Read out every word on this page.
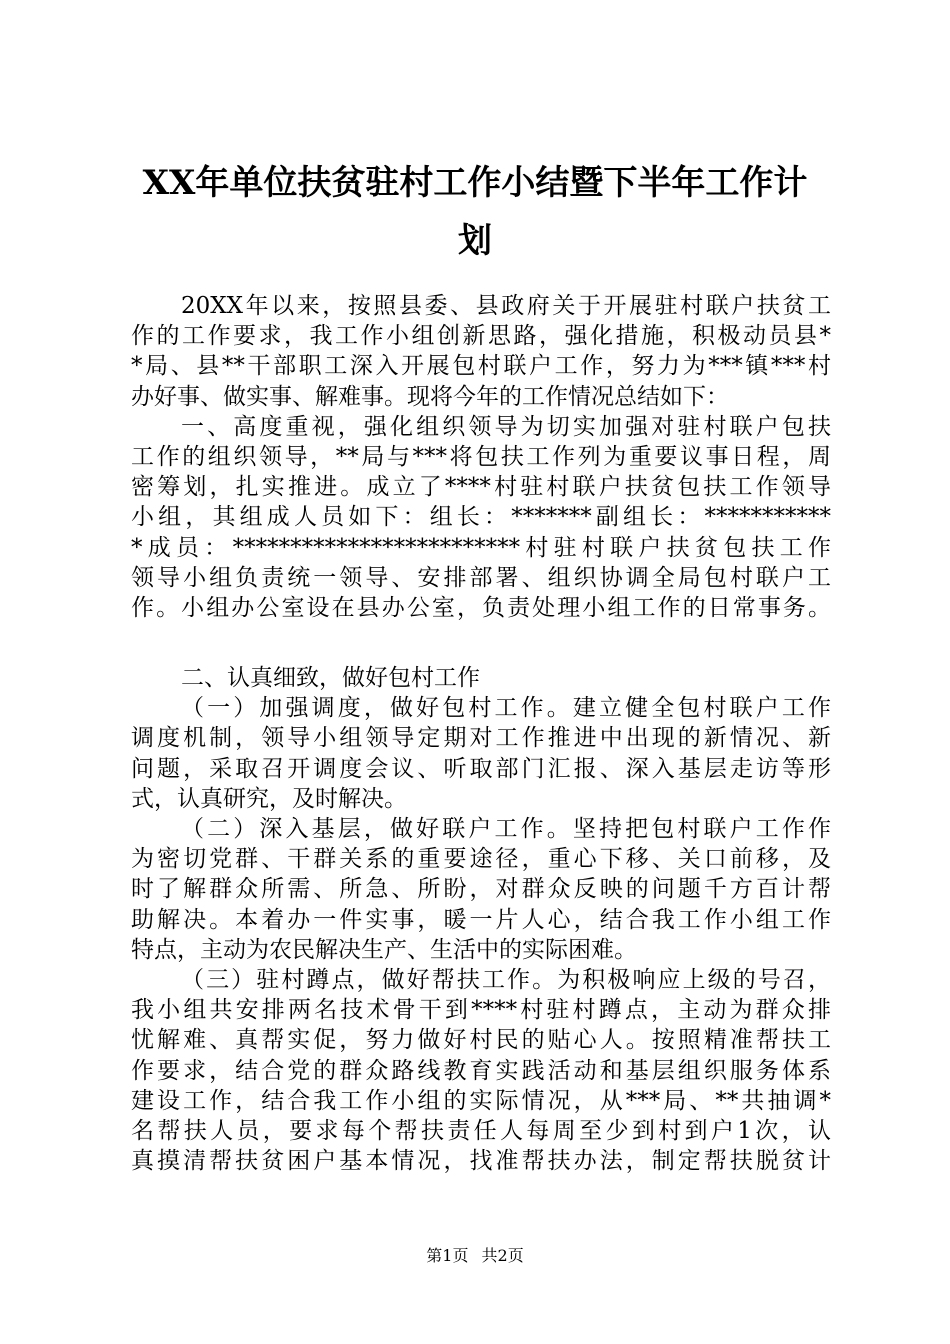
XX年单位扶贫驻村工作小结暨下半年工作计
划
20XX年以来，按照县委、县政府关于开展驻村联户扶贫工
作的工作要求，我工作小组创新思路，强化措施，积极动员县*
*局、县**干部职工深入开展包村联户工作，努力为***镇***村
办好事、做实事、解难事。现将今年的工作情况总结如下：
一、高度重视，强化组织领导为切实加强对驻村联户包扶
工作的组织领导，**局与***将包扶工作列为重要议事日程，周
密筹划，扎实推进。成立了****村驻村联户扶贫包扶工作领导
小组，其组成人员如下：组长：*******副组长：***********
*成员：*************************村驻村联户扶贫包扶工作
领导小组负责统一领导、安排部署、组织协调全局包村联户工
作。小组办公室设在县办公室，负责处理小组工作的日常事务。
二、认真细致，做好包村工作
（一）加强调度，做好包村工作。建立健全包村联户工作
调度机制，领导小组领导定期对工作推进中出现的新情况、新
问题，采取召开调度会议、听取部门汇报、深入基层走访等形
式，认真研究，及时解决。
（二）深入基层，做好联户工作。坚持把包村联户工作作
为密切党群、干群关系的重要途径，重心下移、关口前移，及
时了解群众所需、所急、所盼，对群众反映的问题千方百计帮
助解决。本着办一件实事，暖一片人心，结合我工作小组工作
特点，主动为农民解决生产、生活中的实际困难。
（三）驻村蹲点，做好帮扶工作。为积极响应上级的号召，
我小组共安排两名技术骨干到****村驻村蹲点，主动为群众排
忧解难、真帮实促，努力做好村民的贴心人。按照精准帮扶工
作要求，结合党的群众路线教育实践活动和基层组织服务体系
建设工作，结合我工作小组的实际情况，从***局、**共抽调*
名帮扶人员，要求每个帮扶责任人每周至少到村到户1次，认
真摸清帮扶贫困户基本情况，找准帮扶办法，制定帮扶脱贫计
第1页 共2页
